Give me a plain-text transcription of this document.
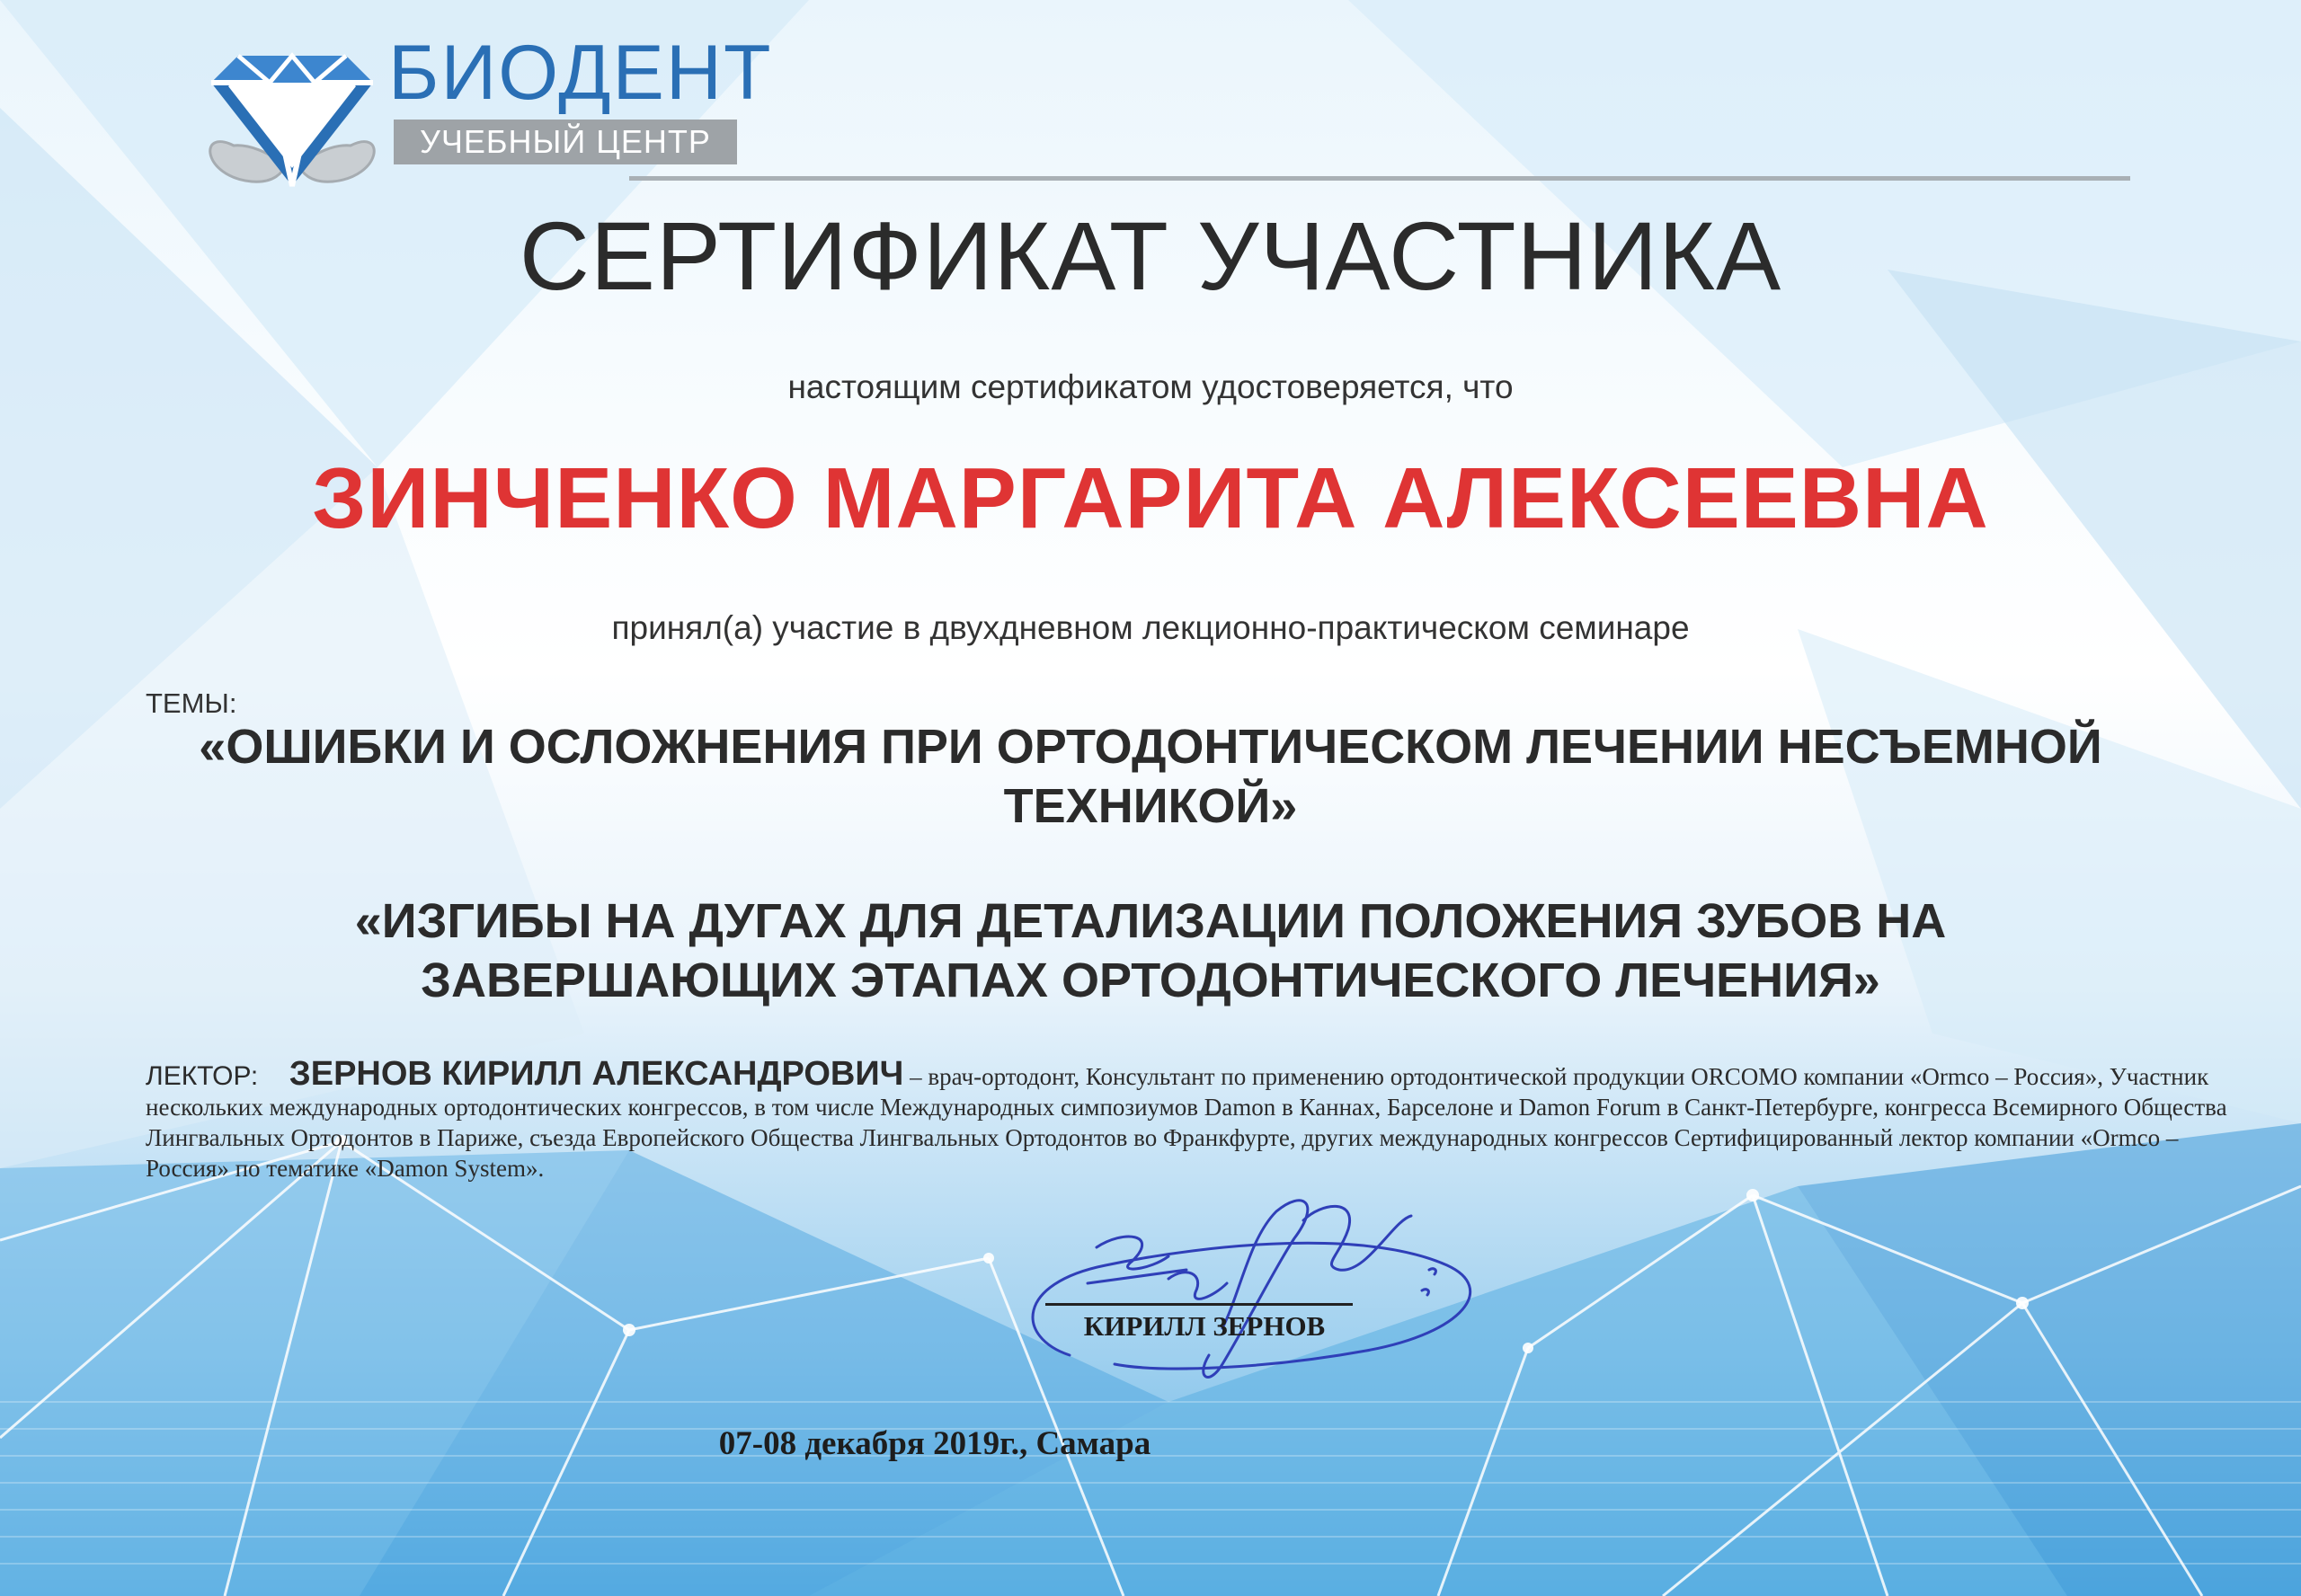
БИОДЕНТ
УЧЕБНЫЙ ЦЕНТР
СЕРТИФИКАТ УЧАСТНИКА
настоящим сертификатом удостоверяется, что
ЗИНЧЕНКО МАРГАРИТА АЛЕКСЕЕВНА
принял(а) участие в двухдневном лекционно-практическом семинаре
ТЕМЫ:
«ОШИБКИ И ОСЛОЖНЕНИЯ ПРИ ОРТОДОНТИЧЕСКОМ ЛЕЧЕНИИ НЕСЪЕМНОЙ ТЕХНИКОЙ»
«ИЗГИБЫ НА ДУГАХ ДЛЯ ДЕТАЛИЗАЦИИ ПОЛОЖЕНИЯ ЗУБОВ НА ЗАВЕРШАЮЩИХ ЭТАПАХ ОРТОДОНТИЧЕСКОГО ЛЕЧЕНИЯ»
ЛЕКТОР: ЗЕРНОВ КИРИЛЛ АЛЕКСАНДРОВИЧ – врач-ортодонт, Консультант по применению ортодонтической продукции ORCOMO компании «Ormco – Россия», Участник нескольких международных ортодонтических конгрессов, в том числе Международных симпозиумов Damon в Каннах, Барселоне и Damon Forum в Санкт-Петербурге, конгресса Всемирного Общества Лингвальных Ортодонтов в Париже, съезда Европейского Общества Лингвальных Ортодонтов во Франкфурте, других международных конгрессов Сертифицированный лектор компании «Ormco – Россия» по тематике «Damon System».
КИРИЛЛ ЗЕРНОВ
07-08 декабря 2019г., Самара
